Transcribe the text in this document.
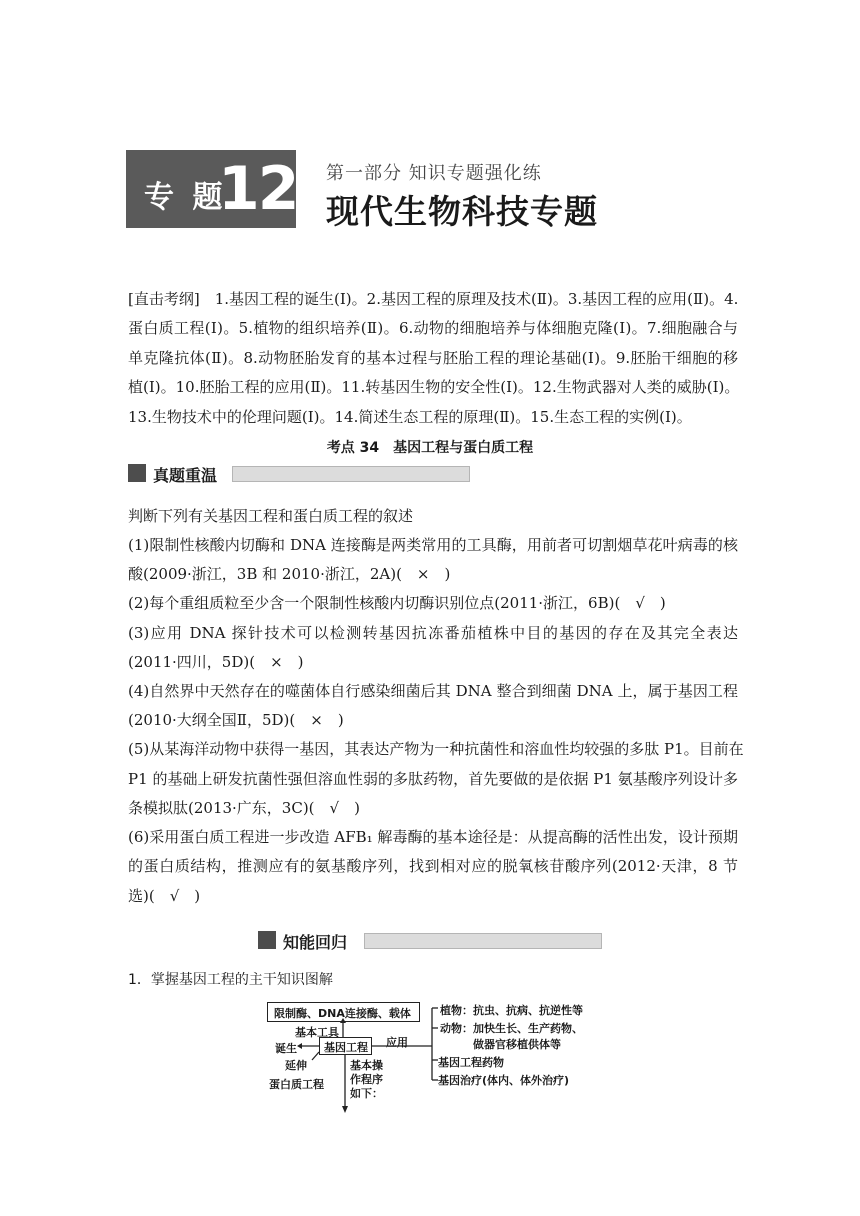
专 题
12 第一部分 知识专题强化练
现代生物科技专题
[直击考纲]　1.基因工程的诞生(Ⅰ)。2.基因工程的原理及技术(Ⅱ)。3.基因工程的应用(Ⅱ)。4.
蛋白质工程(Ⅰ)。5.植物的组织培养(Ⅱ)。6.动物的细胞培养与体细胞克隆(Ⅰ)。7.细胞融合与
单克隆抗体(Ⅱ)。8.动物胚胎发育的基本过程与胚胎工程的理论基础(Ⅰ)。9.胚胎干细胞的移
植(Ⅰ)。10.胚胎工程的应用(Ⅱ)。11.转基因生物的安全性(Ⅰ)。12.生物武器对人类的威胁(Ⅰ)。
13.生物技术中的伦理问题(Ⅰ)。14.简述生态工程的原理(Ⅱ)。15.生态工程的实例(Ⅰ)。
考点 34　基因工程与蛋白质工程
真题重温
判断下列有关基因工程和蛋白质工程的叙述
(1)限制性核酸内切酶和 DNA 连接酶是两类常用的工具酶，用前者可切割烟草花叶病毒的核
酸(2009·浙江，3B 和 2010·浙江，2A)(　×　)
(2)每个重组质粒至少含一个限制性核酸内切酶识别位点(2011·浙江，6B)(　√　)
(3)应用 DNA 探针技术可以检测转基因抗冻番茄植株中目的基因的存在及其完全表达
(2011·四川，5D)(　×　)
(4)自然界中天然存在的噬菌体自行感染细菌后其 DNA 整合到细菌 DNA 上，属于基因工程
(2010·大纲全国Ⅱ，5D)(　×　)
(5)从某海洋动物中获得一基因，其表达产物为一种抗菌性和溶血性均较强的多肽 P1。目前在
P1 的基础上研发抗菌性强但溶血性弱的多肽药物，首先要做的是依据 P1 氨基酸序列设计多
条模拟肽(2013·广东，3C)(　√　)
(6)采用蛋白质工程进一步改造 AFB₁ 解毒酶的基本途径是：从提高酶的活性出发，设计预期
的蛋白质结构，推测应有的氨基酸序列，找到相对应的脱氧核苷酸序列(2012·天津，8 节
选)(　√　)
知能回归
1．掌握基因工程的主干知识图解
限制酶、DNA连接酶、载体
基本工具
基因工程
诞生
延伸
蛋白质工程
基本操
作程序
如下：
应用
植物：抗虫、抗病、抗逆性等
动物：加快生长、生产药物、
　　　做器官移植供体等
基因工程药物
基因治疗(体内、体外治疗)
